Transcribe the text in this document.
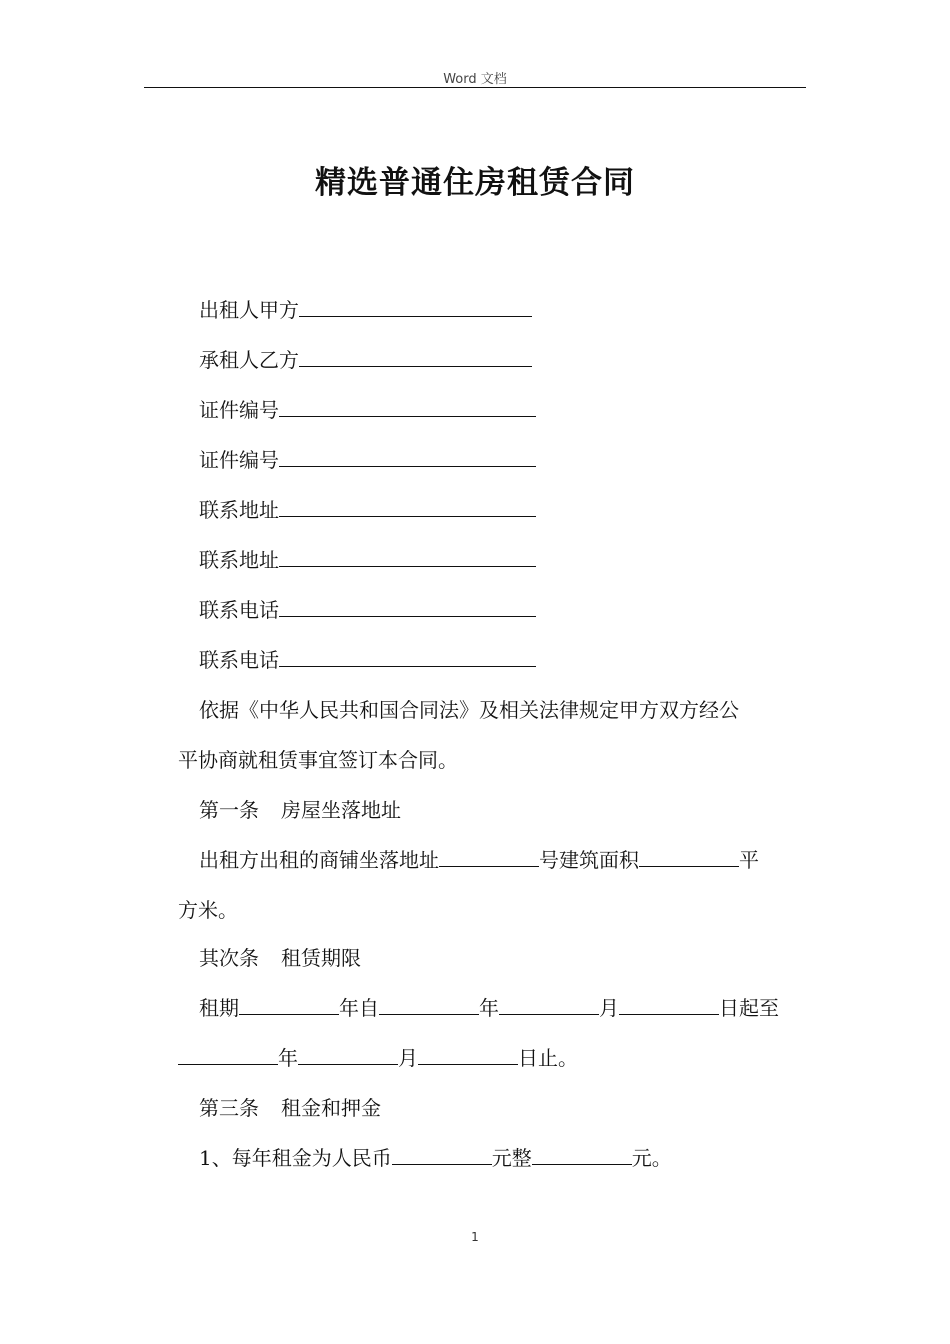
Word 文档
精选普通住房租赁合同
出租人甲方
承租人乙方
证件编号
证件编号
联系地址
联系地址
联系电话
联系电话
依据《中华人民共和国合同法》及相关法律规定甲方双方经公
平协商就租赁事宜签订本合同。
第一条 房屋坐落地址
出租方出租的商铺坐落地址	号建筑面积	平
方米。
其次条 租赁期限
租期	年自	年	月	日起至
年	月	日止。
第三条 租金和押金
1、每年租金为人民币	元整	元。
1
